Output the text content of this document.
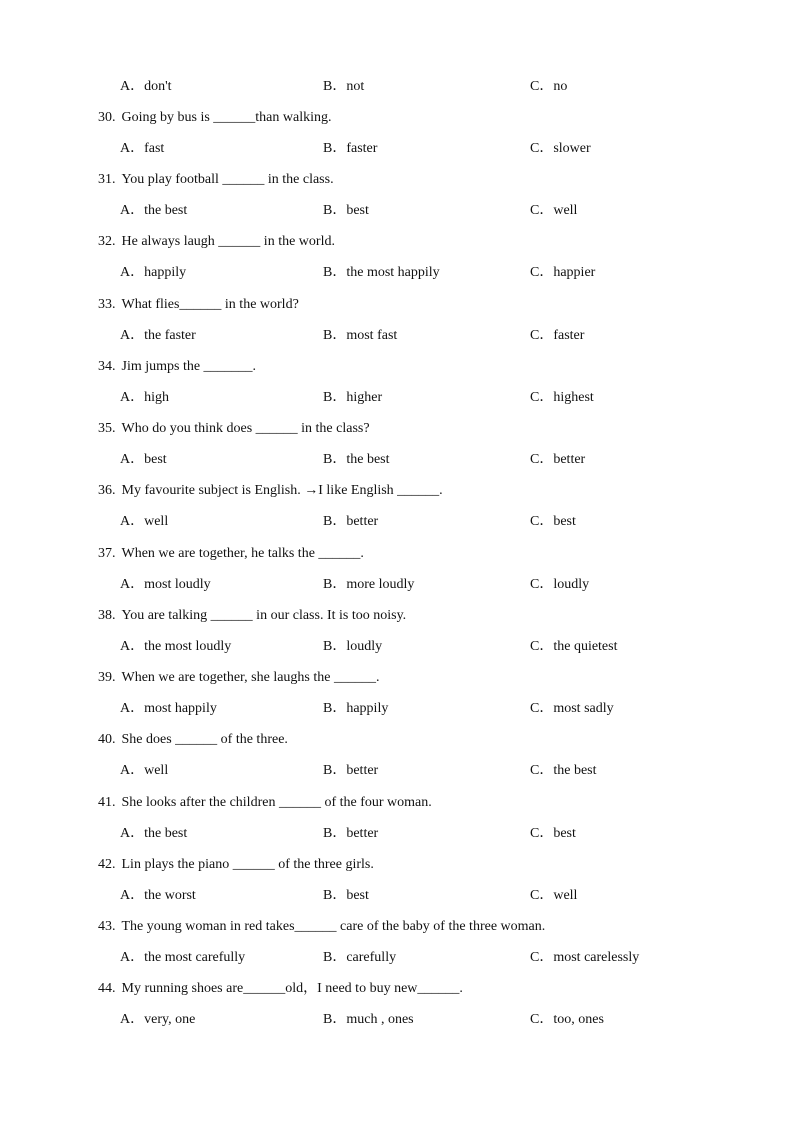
A．don't	B．not	C．no
30. Going by bus is ______than walking.
A．fast	B．faster	C．slower
31. You play football ______ in the class.
A．the best	B．best	C．well
32. He always laugh ______ in the world.
A．happily	B．the most happily	C．happier
33. What flies______ in the world?
A．the faster	B．most fast	C．faster
34. Jim jumps the _______.
A．high	B．higher	C．highest
35. Who do you think does ______ in the class?
A．best	B．the best	C．better
36. My favourite subject is English. →I like English ______.
A．well	B．better	C．best
37. When we are together, he talks the ______.
A．most loudly	B．more loudly	C．loudly
38. You are talking ______ in our class. It is too noisy.
A．the most loudly	B．loudly	C．the quietest
39. When we are together, she laughs the ______.
A．most happily	B．happily	C．most sadly
40. She does ______ of the three.
A．well	B．better	C．the best
41. She looks after the children ______ of the four woman.
A．the best	B．better	C．best
42. Lin plays the piano ______ of the three girls.
A．the worst	B．best	C．well
43. The young woman in red takes______ care of the baby of the three woman.
A．the most carefully	B．carefully	C．most carelessly
44. My running shoes are______old，I need to buy new______.
A．very, one	B．much , ones	C．too, ones
